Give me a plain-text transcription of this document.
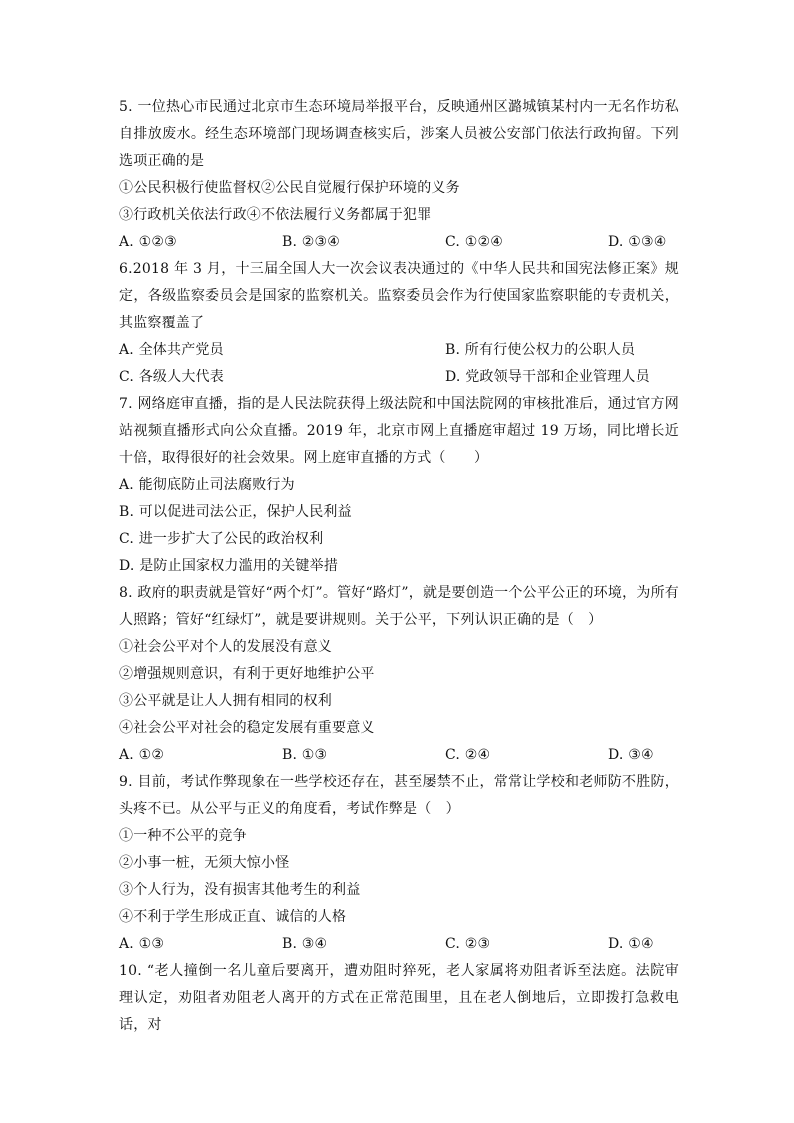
5. 一位热心市民通过北京市生态环境局举报平台，反映通州区潞城镇某村内一无名作坊私自排放废水。经生态环境部门现场调查核实后，涉案人员被公安部门依法行政拘留。下列选项正确的是

①公民积极行使监督权②公民自觉履行保护环境的义务

③行政机关依法行政④不依法履行义务都属于犯罪

A. ①②③	B. ②③④	C. ①②④	D. ①③④

6.2018 年 3 月，十三届全国人大一次会议表决通过的《中华人民共和国宪法修正案》规定，各级监察委员会是国家的监察机关。监察委员会作为行使国家监察职能的专责机关， 其监察覆盖了

A. 全体共产党员	B. 所有行使公权力的公职人员
C. 各级人大代表	D. 党政领导干部和企业管理人员

7. 网络庭审直播，指的是人民法院获得上级法院和中国法院网的审核批准后，通过官方网站视频直播形式向公众直播。2019 年，北京市网上直播庭审超过 19 万场，同比增长近十倍，取得很好的社会效果。网上庭审直播的方式（　　）

A. 能彻底防止司法腐败行为
B. 可以促进司法公正，保护人民利益
C. 进一步扩大了公民的政治权利
D. 是防止国家权力滥用的关键举措

8. 政府的职责就是管好“两个灯”。管好“路灯”，就是要创造一个公平公正的环境，为所有人照路；管好“红绿灯”，就是要讲规则。关于公平，下列认识正确的是（　）

①社会公平对个人的发展没有意义

②增强规则意识，有利于更好地维护公平

③公平就是让人人拥有相同的权利

④社会公平对社会的稳定发展有重要意义

A. ①②	B. ①③	C. ②④	D. ③④

9. 目前，考试作弊现象在一些学校还存在，甚至屡禁不止，常常让学校和老师防不胜防，头疼不已。从公平与正义的角度看，考试作弊是（　）

①一种不公平的竞争

②小事一桩，无须大惊小怪

③个人行为，没有损害其他考生的利益

④不利于学生形成正直、诚信的人格

A. ①③	B. ③④	C. ②③	D. ①④

10. “老人撞倒一名儿童后要离开，遭劝阻时猝死，老人家属将劝阻者诉至法庭。法院审理认定，劝阻者劝阻老人离开的方式在正常范围里，且在老人倒地后，立即拨打急救电话，对
